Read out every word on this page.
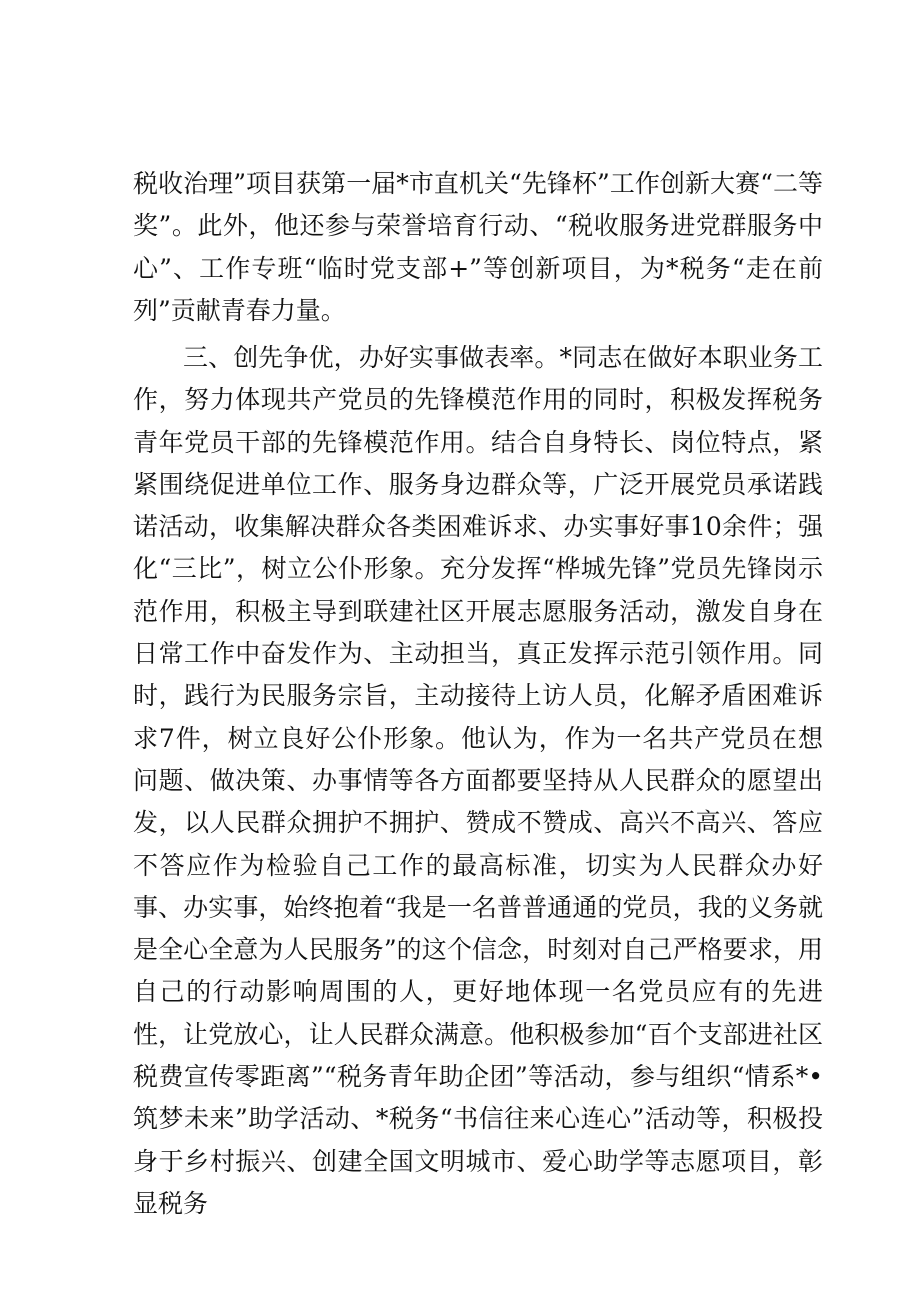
税收治理”项目获第一届*市直机关“先锋杯”工作创新大赛“二等奖”。此外，他还参与荣誉培育行动、“税收服务进党群服务中心”、工作专班“临时党支部+”等创新项目，为*税务“走在前列”贡献青春力量。

三、创先争优，办好实事做表率。*同志在做好本职业务工作，努力体现共产党员的先锋模范作用的同时，积极发挥税务青年党员干部的先锋模范作用。结合自身特长、岗位特点，紧紧围绕促进单位工作、服务身边群众等，广泛开展党员承诺践诺活动，收集解决群众各类困难诉求、办实事好事10余件；强化“三比”，树立公仆形象。充分发挥“桦城先锋”党员先锋岗示范作用，积极主导到联建社区开展志愿服务活动，激发自身在日常工作中奋发作为、主动担当，真正发挥示范引领作用。同时，践行为民服务宗旨，主动接待上访人员，化解矛盾困难诉求7件，树立良好公仆形象。他认为，作为一名共产党员在想问题、做决策、办事情等各方面都要坚持从人民群众的愿望出发，以人民群众拥护不拥护、赞成不赞成、高兴不高兴、答应不答应作为检验自己工作的最高标准，切实为人民群众办好事、办实事，始终抱着“我是一名普普通通的党员，我的义务就是全心全意为人民服务”的这个信念，时刻对自己严格要求，用自己的行动影响周围的人，更好地体现一名党员应有的先进性，让党放心，让人民群众满意。他积极参加“百个支部进社区税费宣传零距离”“税务青年助企团”等活动，参与组织“情系*•筑梦未来”助学活动、*税务“书信往来心连心”活动等，积极投身于乡村振兴、创建全国文明城市、爱心助学等志愿项目，彰显税务
